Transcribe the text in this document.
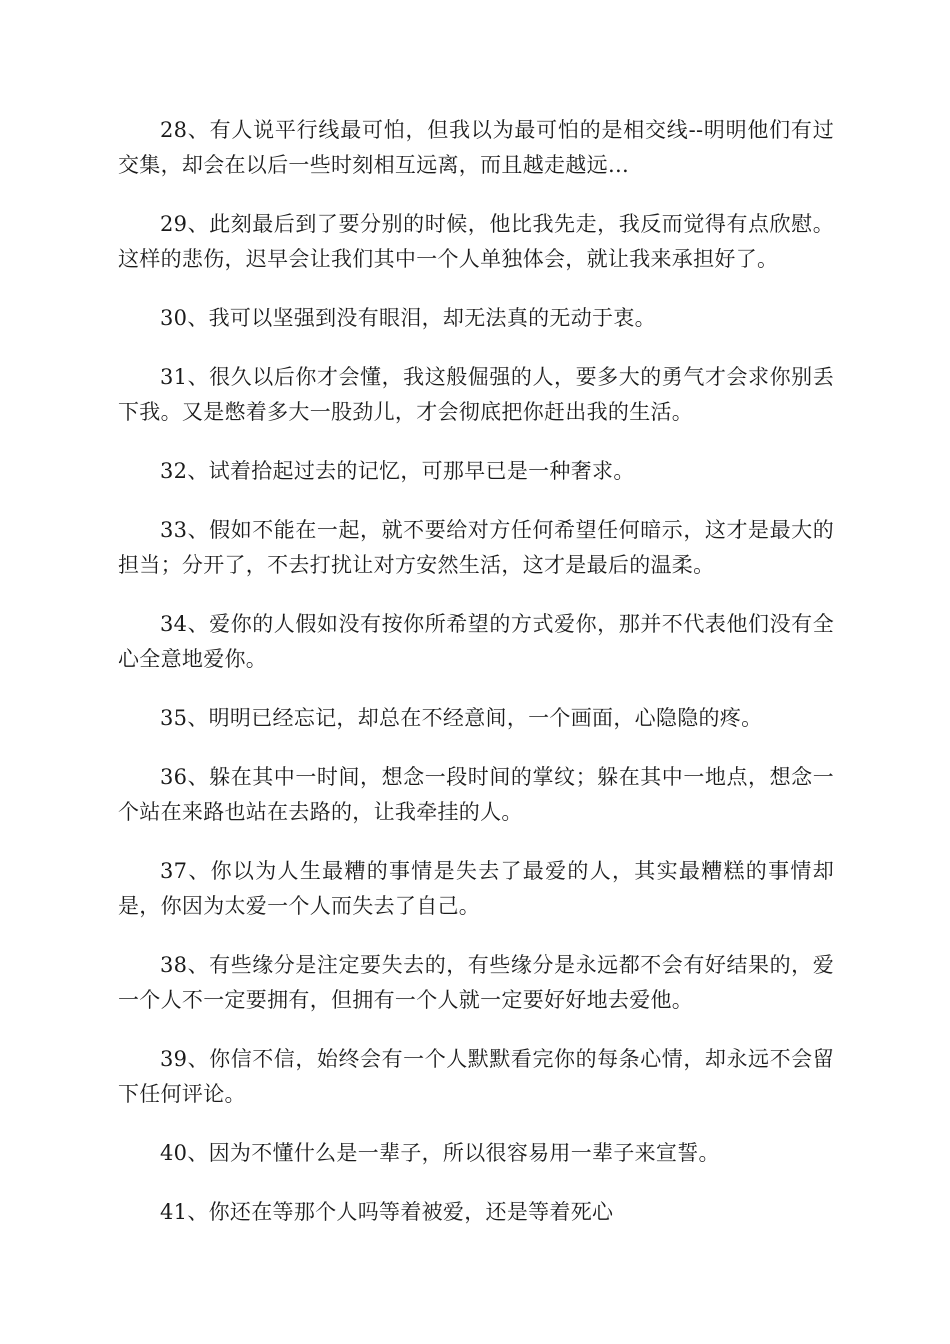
28、有人说平行线最可怕，但我以为最可怕的是相交线--明明他们有过交集，却会在以后一些时刻相互远离，而且越走越远…

29、此刻最后到了要分别的时候，他比我先走，我反而觉得有点欣慰。这样的悲伤，迟早会让我们其中一个人单独体会，就让我来承担好了。

30、我可以坚强到没有眼泪，却无法真的无动于衷。

31、很久以后你才会懂，我这般倔强的人，要多大的勇气才会求你别丢下我。又是憋着多大一股劲儿，才会彻底把你赶出我的生活。

32、试着拾起过去的记忆，可那早已是一种奢求。

33、假如不能在一起，就不要给对方任何希望任何暗示，这才是最大的担当；分开了，不去打扰让对方安然生活，这才是最后的温柔。

34、爱你的人假如没有按你所希望的方式爱你，那并不代表他们没有全心全意地爱你。

35、明明已经忘记，却总在不经意间，一个画面，心隐隐的疼。

36、躲在其中一时间，想念一段时间的掌纹；躲在其中一地点，想念一个站在来路也站在去路的，让我牵挂的人。

37、你以为人生最糟的事情是失去了最爱的人，其实最糟糕的事情却是，你因为太爱一个人而失去了自己。

38、有些缘分是注定要失去的，有些缘分是永远都不会有好结果的，爱一个人不一定要拥有，但拥有一个人就一定要好好地去爱他。

39、你信不信，始终会有一个人默默看完你的每条心情，却永远不会留下任何评论。

40、因为不懂什么是一辈子，所以很容易用一辈子来宣誓。

41、你还在等那个人吗等着被爱，还是等着死心
